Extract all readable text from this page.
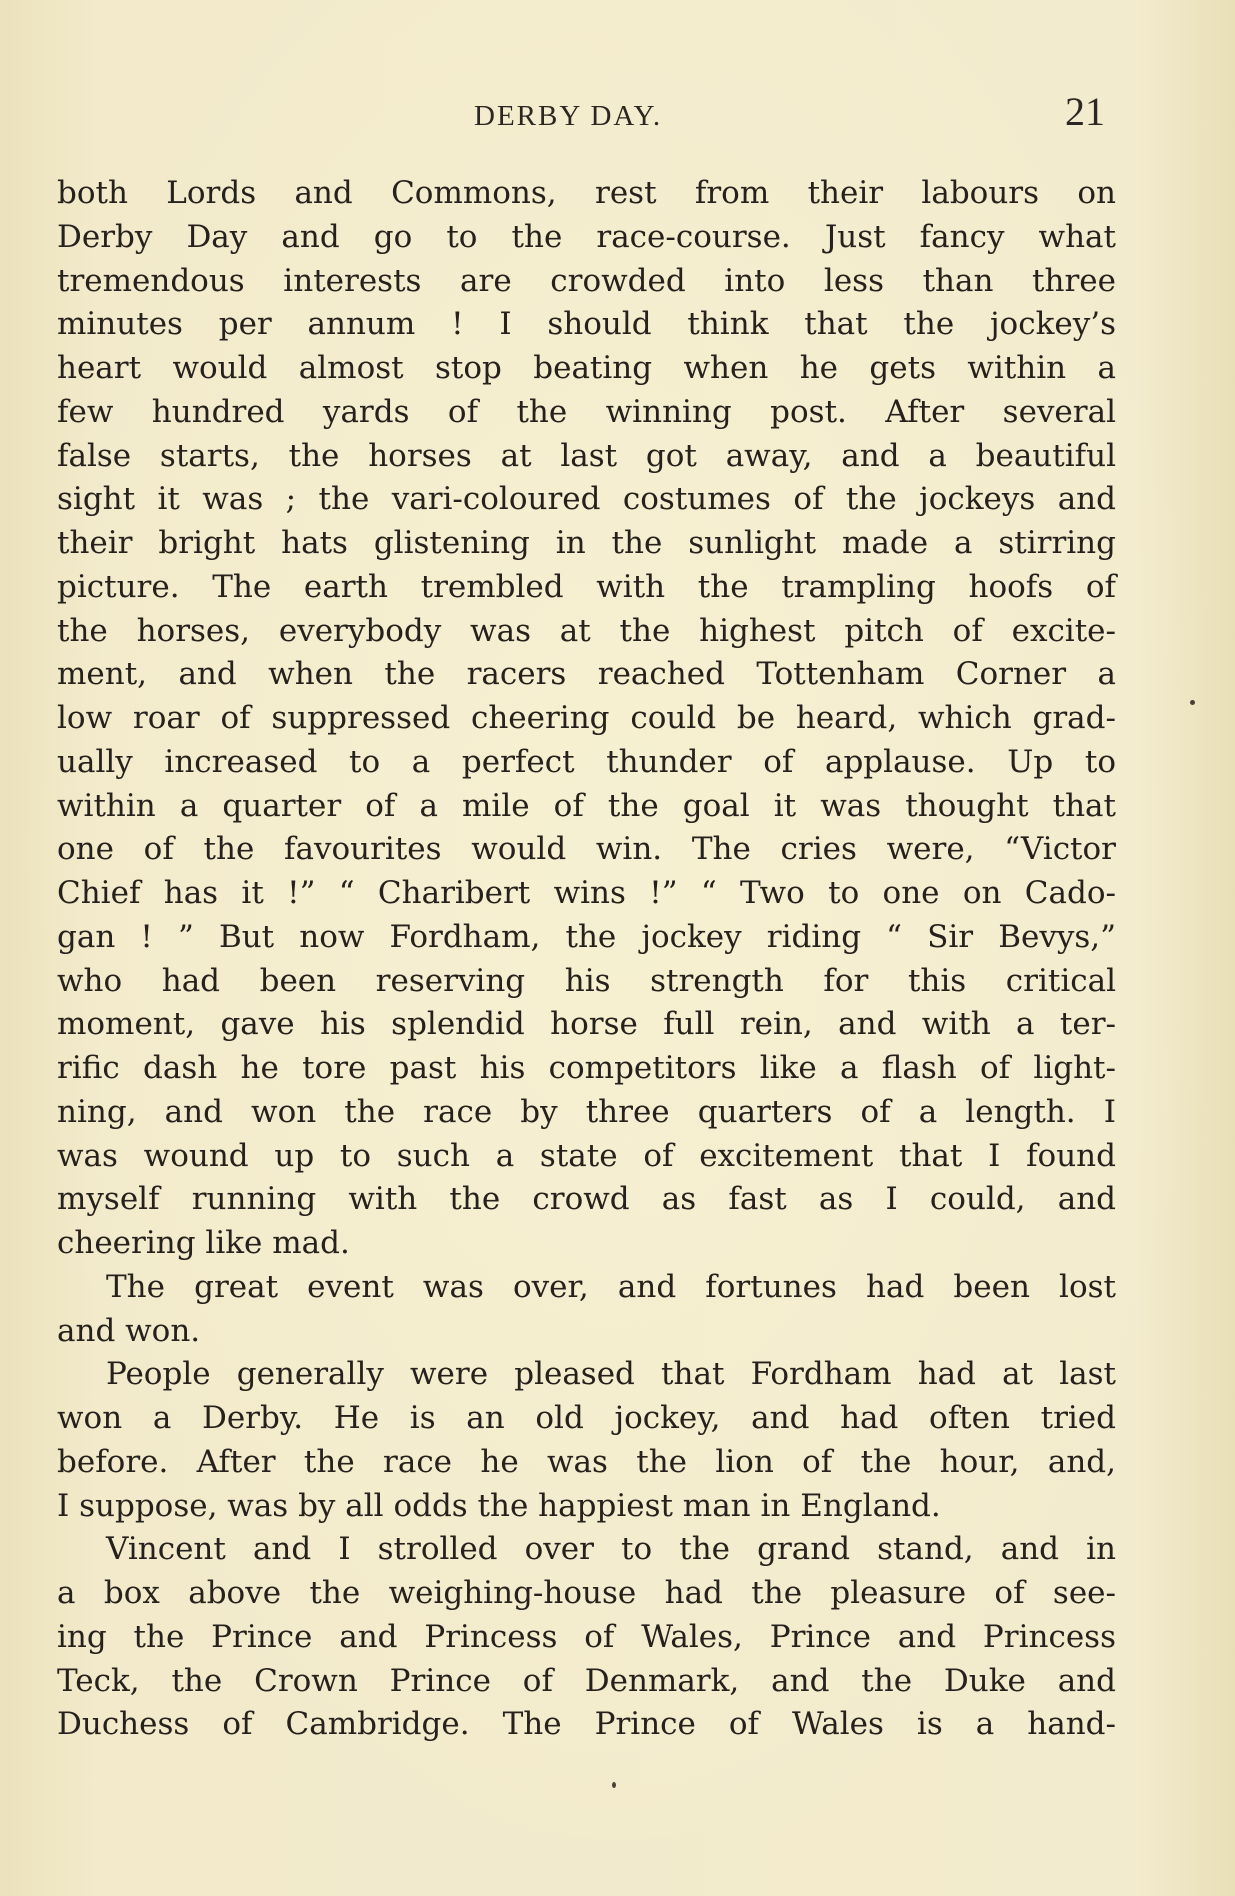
DERBY DAY.	21
both Lords and Commons, rest from their labours on
Derby Day and go to the race-course. Just fancy what
tremendous interests are crowded into less than three
minutes per annum ! I should think that the jockey’s
heart would almost stop beating when he gets within a
few hundred yards of the winning post. After several
false starts, the horses at last got away, and a beautiful
sight it was ; the vari-coloured costumes of the jockeys and
their bright hats glistening in the sunlight made a stirring
picture. The earth trembled with the trampling hoofs of
the horses, everybody was at the highest pitch of excite-
ment, and when the racers reached Tottenham Corner a
low roar of suppressed cheering could be heard, which grad-
ually increased to a perfect thunder of applause. Up to
within a quarter of a mile of the goal it was thought that
one of the favourites would win. The cries were, “Victor
Chief has it !” “ Charibert wins !” “ Two to one on Cado-
gan ! ” But now Fordham, the jockey riding “ Sir Bevys,”
who had been reserving his strength for this critical
moment, gave his splendid horse full rein, and with a ter-
rific dash he tore past his competitors like a flash of light-
ning, and won the race by three quarters of a length. I
was wound up to such a state of excitement that I found
myself running with the crowd as fast as I could, and
cheering like mad.
The great event was over, and fortunes had been lost
and won.
People generally were pleased that Fordham had at last
won a Derby. He is an old jockey, and had often tried
before. After the race he was the lion of the hour, and,
I suppose, was by all odds the happiest man in England.
Vincent and I strolled over to the grand stand, and in
a box above the weighing-house had the pleasure of see-
ing the Prince and Princess of Wales, Prince and Princess
Teck, the Crown Prince of Denmark, and the Duke and
Duchess of Cambridge. The Prince of Wales is a hand-
